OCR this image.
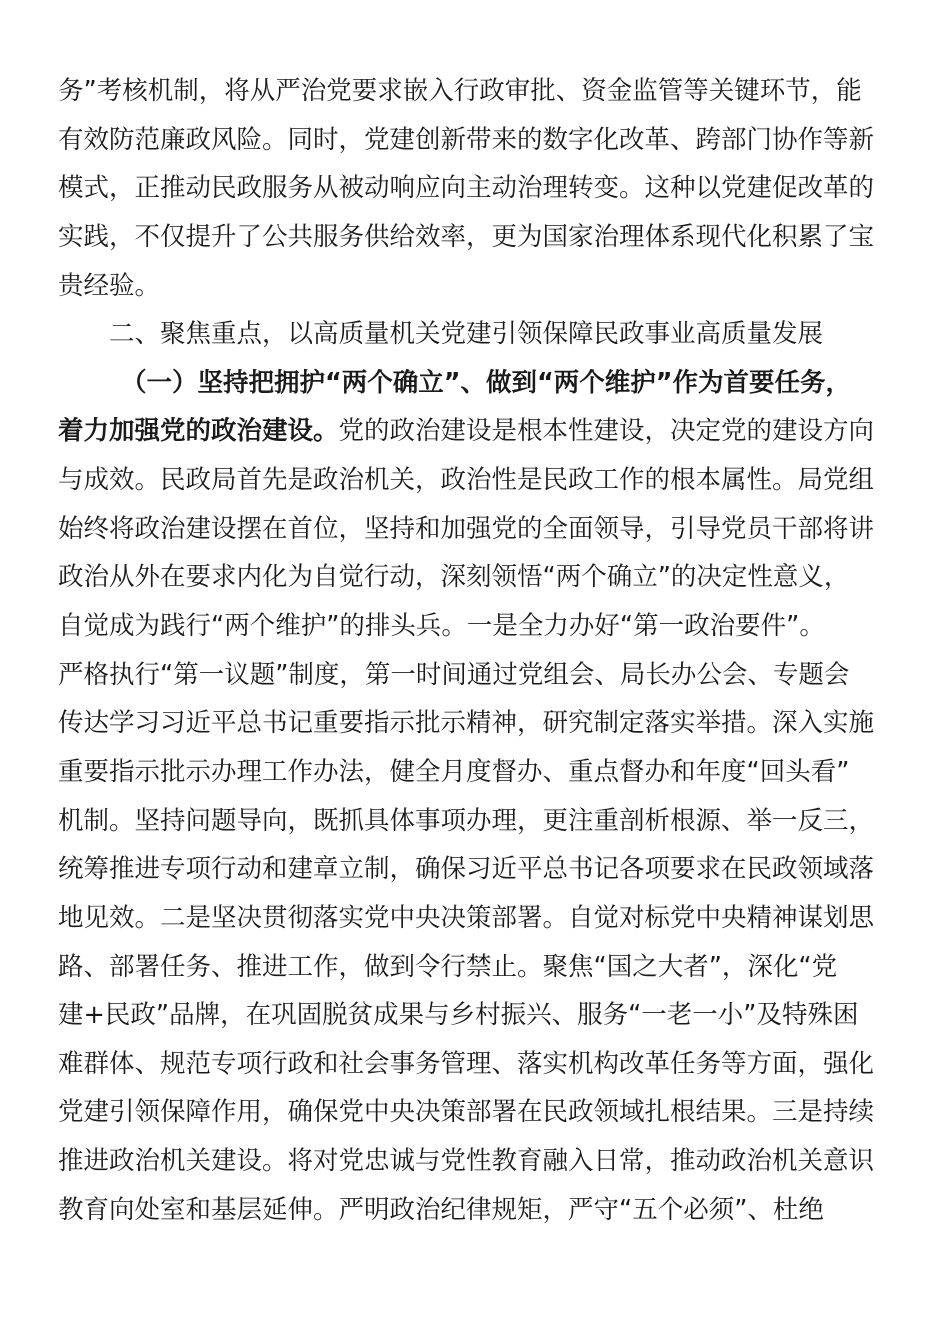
务”考核机制，将从严治党要求嵌入行政审批、资金监管等关键环节，能
有效防范廉政风险。同时，党建创新带来的数字化改革、跨部门协作等新
模式，正推动民政服务从被动响应向主动治理转变。这种以党建促改革的
实践，不仅提升了公共服务供给效率，更为国家治理体系现代化积累了宝
贵经验。
二、聚焦重点，以高质量机关党建引领保障民政事业高质量发展
（一）坚持把拥护“两个确立”、做到“两个维护”作为首要任务，
着力加强党的政治建设。党的政治建设是根本性建设，决定党的建设方向
与成效。民政局首先是政治机关，政治性是民政工作的根本属性。局党组
始终将政治建设摆在首位，坚持和加强党的全面领导，引导党员干部将讲
政治从外在要求内化为自觉行动，深刻领悟“两个确立”的决定性意义，
自觉成为践行“两个维护”的排头兵。一是全力办好“第一政治要件”。
严格执行“第一议题”制度，第一时间通过党组会、局长办公会、专题会
传达学习习近平总书记重要指示批示精神，研究制定落实举措。深入实施
重要指示批示办理工作办法，健全月度督办、重点督办和年度“回头看”
机制。坚持问题导向，既抓具体事项办理，更注重剖析根源、举一反三，
统筹推进专项行动和建章立制，确保习近平总书记各项要求在民政领域落
地见效。二是坚决贯彻落实党中央决策部署。自觉对标党中央精神谋划思
路、部署任务、推进工作，做到令行禁止。聚焦“国之大者”，深化“党
建+民政”品牌，在巩固脱贫成果与乡村振兴、服务“一老一小”及特殊困
难群体、规范专项行政和社会事务管理、落实机构改革任务等方面，强化
党建引领保障作用，确保党中央决策部署在民政领域扎根结果。三是持续
推进政治机关建设。将对党忠诚与党性教育融入日常，推动政治机关意识
教育向处室和基层延伸。严明政治纪律规矩，严守“五个必须”、杜绝
